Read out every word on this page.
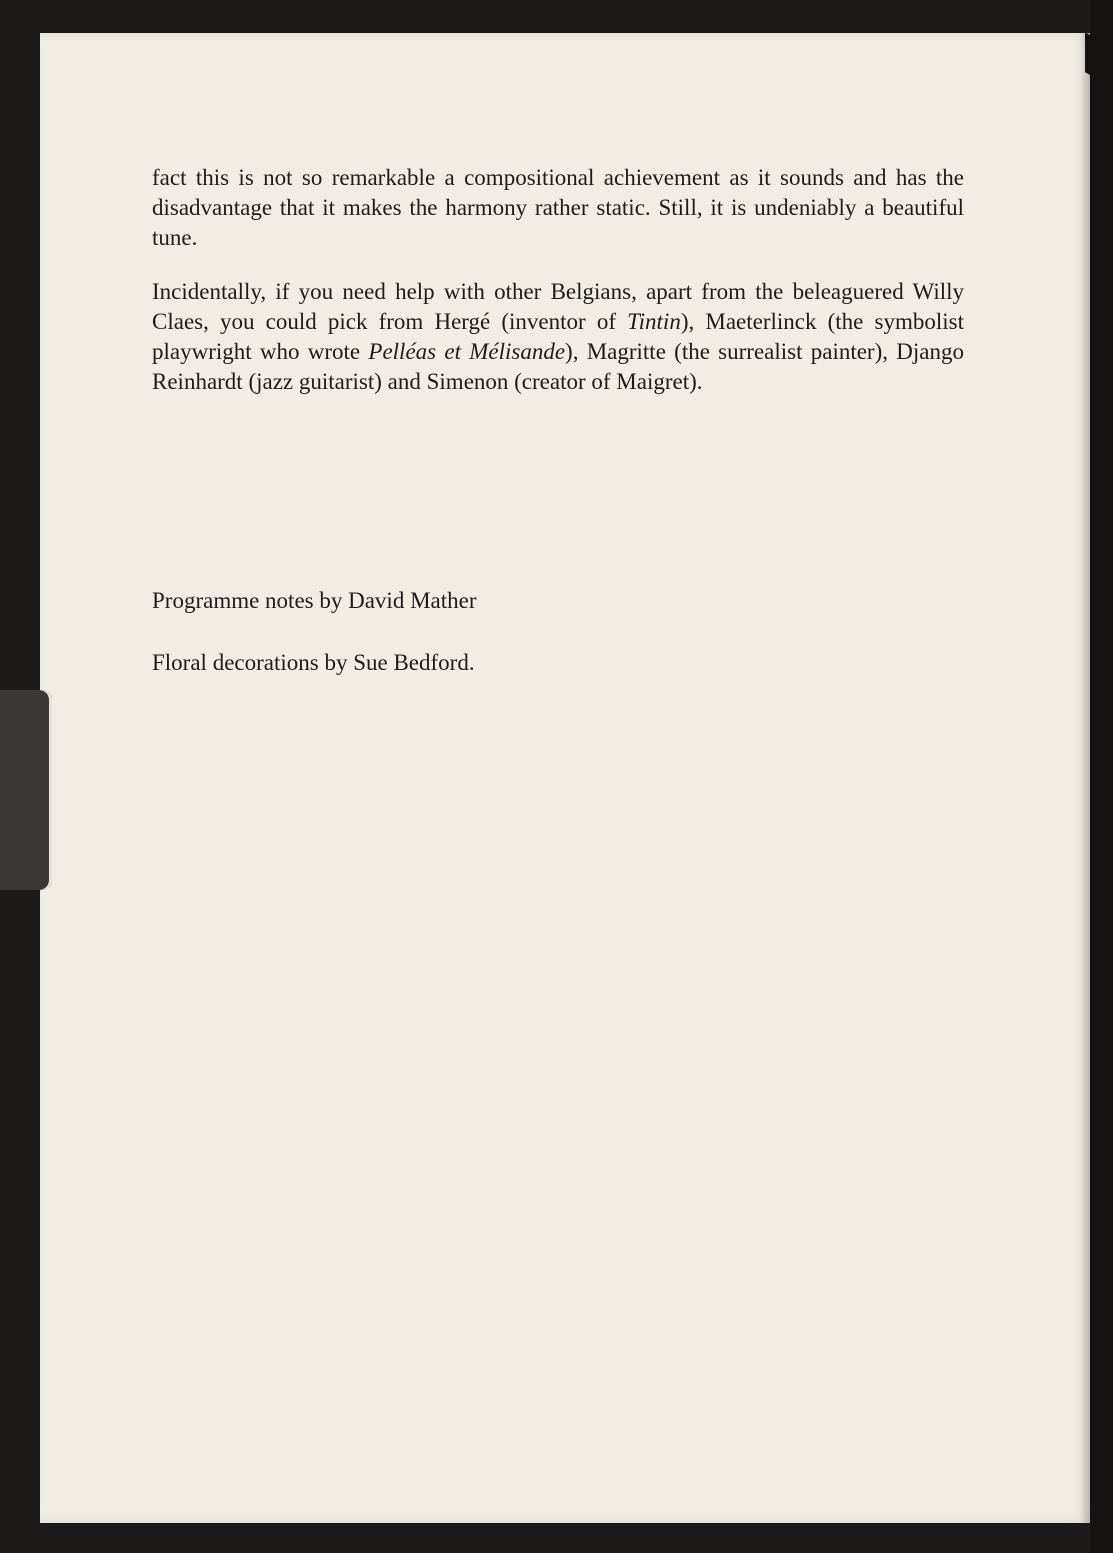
fact this is not so remarkable a compositional achievement as it sounds and has the disadvantage that it makes the harmony rather static. Still, it is undeniably a beautiful tune.

Incidentally, if you need help with other Belgians, apart from the beleaguered Willy Claes, you could pick from Hergé (inventor of Tintin), Maeterlinck (the symbolist playwright who wrote Pelléas et Mélisande), Magritte (the surrealist painter), Django Reinhardt (jazz guitarist) and Simenon (creator of Maigret).

Programme notes by David Mather
Floral decorations by Sue Bedford.
